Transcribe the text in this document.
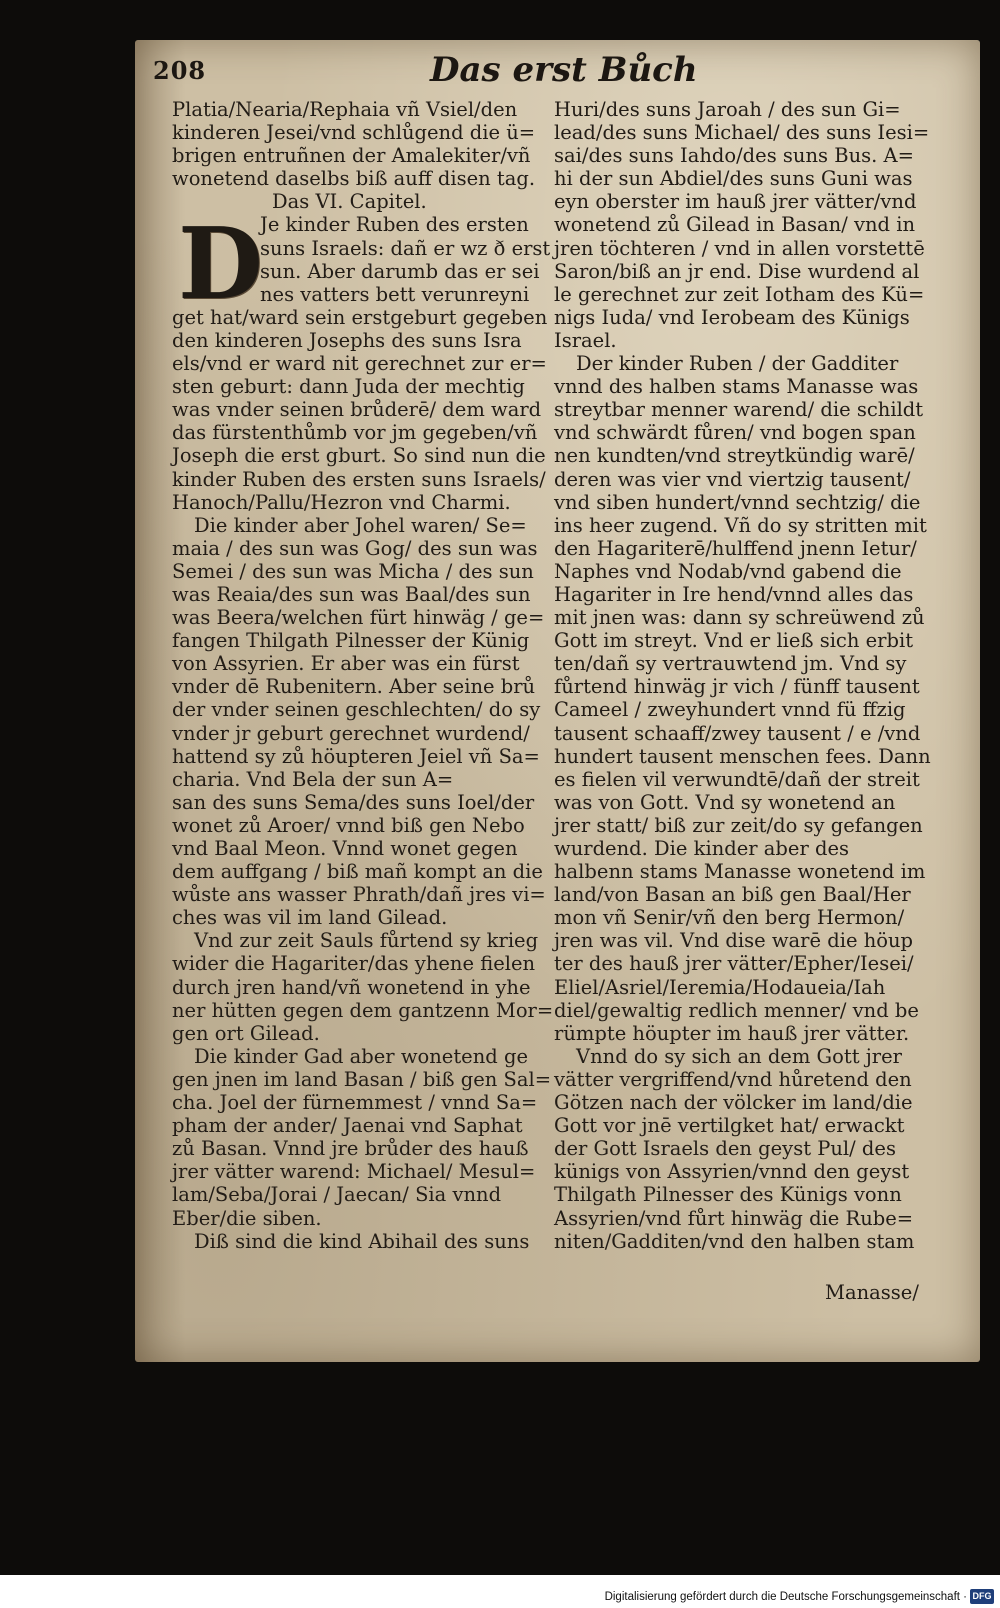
208	Das erst Bůch
D
Platia/Nearia/Rephaia vñ Vsiel/den
kinderen Jesei/vnd schlůgend die ü=
brigen entruñnen der Amalekiter/vñ
wonetend daselbs biß auff disen tag.
Das VI. Capitel.
Je kinder Ruben des ersten
suns Israels: dañ er wz ð erst
sun. Aber darumb das er sei
nes vatters bett verunreyni
get hat/ward sein erstgeburt gegeben
den kinderen Josephs des suns Isra
els/vnd er ward nit gerechnet zur er=
sten geburt: dann Juda der mechtig
was vnder seinen brůderē/ dem ward
das fürstenthůmb vor jm gegeben/vñ
Joseph die erst gburt. So sind nun die
kinder Ruben des ersten suns Israels/
Hanoch/Pallu/Hezron vnd Charmi.
Die kinder aber Johel waren/ Se=
maia / des sun was Gog/ des sun was
Semei / des sun was Micha / des sun
was Reaia/des sun was Baal/des sun
was Beera/welchen fürt hinwäg / ge=
fangen Thilgath Pilnesser der Künig
von Assyrien. Er aber was ein fürst
vnder dē Rubenitern. Aber seine brů
der vnder seinen geschlechten/ do sy
vnder jr geburt gerechnet wurdend/
hattend sy zů höupteren Jeiel vñ Sa=
charia. Vnd Bela der sun A=
san des suns Sema/des suns Ioel/der
wonet zů Aroer/ vnnd biß gen Nebo
vnd Baal Meon. Vnnd wonet gegen
dem auffgang / biß mañ kompt an die
wůste ans wasser Phrath/dañ jres vi=
ches was vil im land Gilead.
Vnd zur zeit Sauls fůrtend sy krieg
wider die Hagariter/das yhene fielen
durch jren hand/vñ wonetend in yhe
ner hütten gegen dem gantzenn Mor=
gen ort Gilead.
Die kinder Gad aber wonetend ge
gen jnen im land Basan / biß gen Sal=
cha. Joel der fürnemmest / vnnd Sa=
pham der ander/ Jaenai vnd Saphat
zů Basan. Vnnd jre brůder des hauß
jrer vätter warend: Michael/ Mesul=
lam/Seba/Jorai / Jaecan/ Sia vnnd
Eber/die siben.
Diß sind die kind Abihail des suns
Huri/des suns Jaroah / des sun Gi=
lead/des suns Michael/ des suns Iesi=
sai/des suns Iahdo/des suns Bus. A=
hi der sun Abdiel/des suns Guni was
eyn oberster im hauß jrer vätter/vnd
wonetend zů Gilead in Basan/ vnd in
jren töchteren / vnd in allen vorstettē
Saron/biß an jr end. Dise wurdend al
le gerechnet zur zeit Iotham des Kü=
nigs Iuda/ vnd Ierobeam des Künigs
Israel.
Der kinder Ruben / der Gadditer
vnnd des halben stams Manasse was
streytbar menner warend/ die schildt
vnd schwärdt fůren/ vnd bogen span
nen kundten/vnd streytkündig warē/
deren was vier vnd viertzig tausent/
vnd siben hundert/vnnd sechtzig/ die
ins heer zugend. Vñ do sy stritten mit
den Hagariterē/hulffend jnenn Ietur/
Naphes vnd Nodab/vnd gabend die
Hagariter in Ire hend/vnnd alles das
mit jnen was: dann sy schreüwend zů
Gott im streyt. Vnd er ließ sich erbit
ten/dañ sy vertrauwtend jm. Vnd sy
fůrtend hinwäg jr vich / fünff tausent
Cameel / zweyhundert vnnd fü ffzig
tausent schaaff/zwey tausent / e /vnd
hundert tausent menschen fees. Dann
es fielen vil verwundtē/dañ der streit
was von Gott. Vnd sy wonetend an
jrer statt/ biß zur zeit/do sy gefangen
wurdend. Die kinder aber des
halbenn stams Manasse wonetend im
land/von Basan an biß gen Baal/Her
mon vñ Senir/vñ den berg Hermon/
jren was vil. Vnd dise warē die höup
ter des hauß jrer vätter/Epher/Iesei/
Eliel/Asriel/Ieremia/Hodaueia/Iah
diel/gewaltig redlich menner/ vnd be
rümpte höupter im hauß jrer vätter.
Vnnd do sy sich an dem Gott jrer
vätter vergriffend/vnd hůretend den
Götzen nach der völcker im land/die
Gott vor jnē vertilgket hat/ erwackt
der Gott Israels den geyst Pul/ des
künigs von Assyrien/vnnd den geyst
Thilgath Pilnesser des Künigs vonn
Assyrien/vnd fůrt hinwäg die Rube=
niten/Gadditen/vnd den halben stam
Manasse/
Digitalisierung gefördert durch die Deutsche Forschungsgemeinschaft · DFG
